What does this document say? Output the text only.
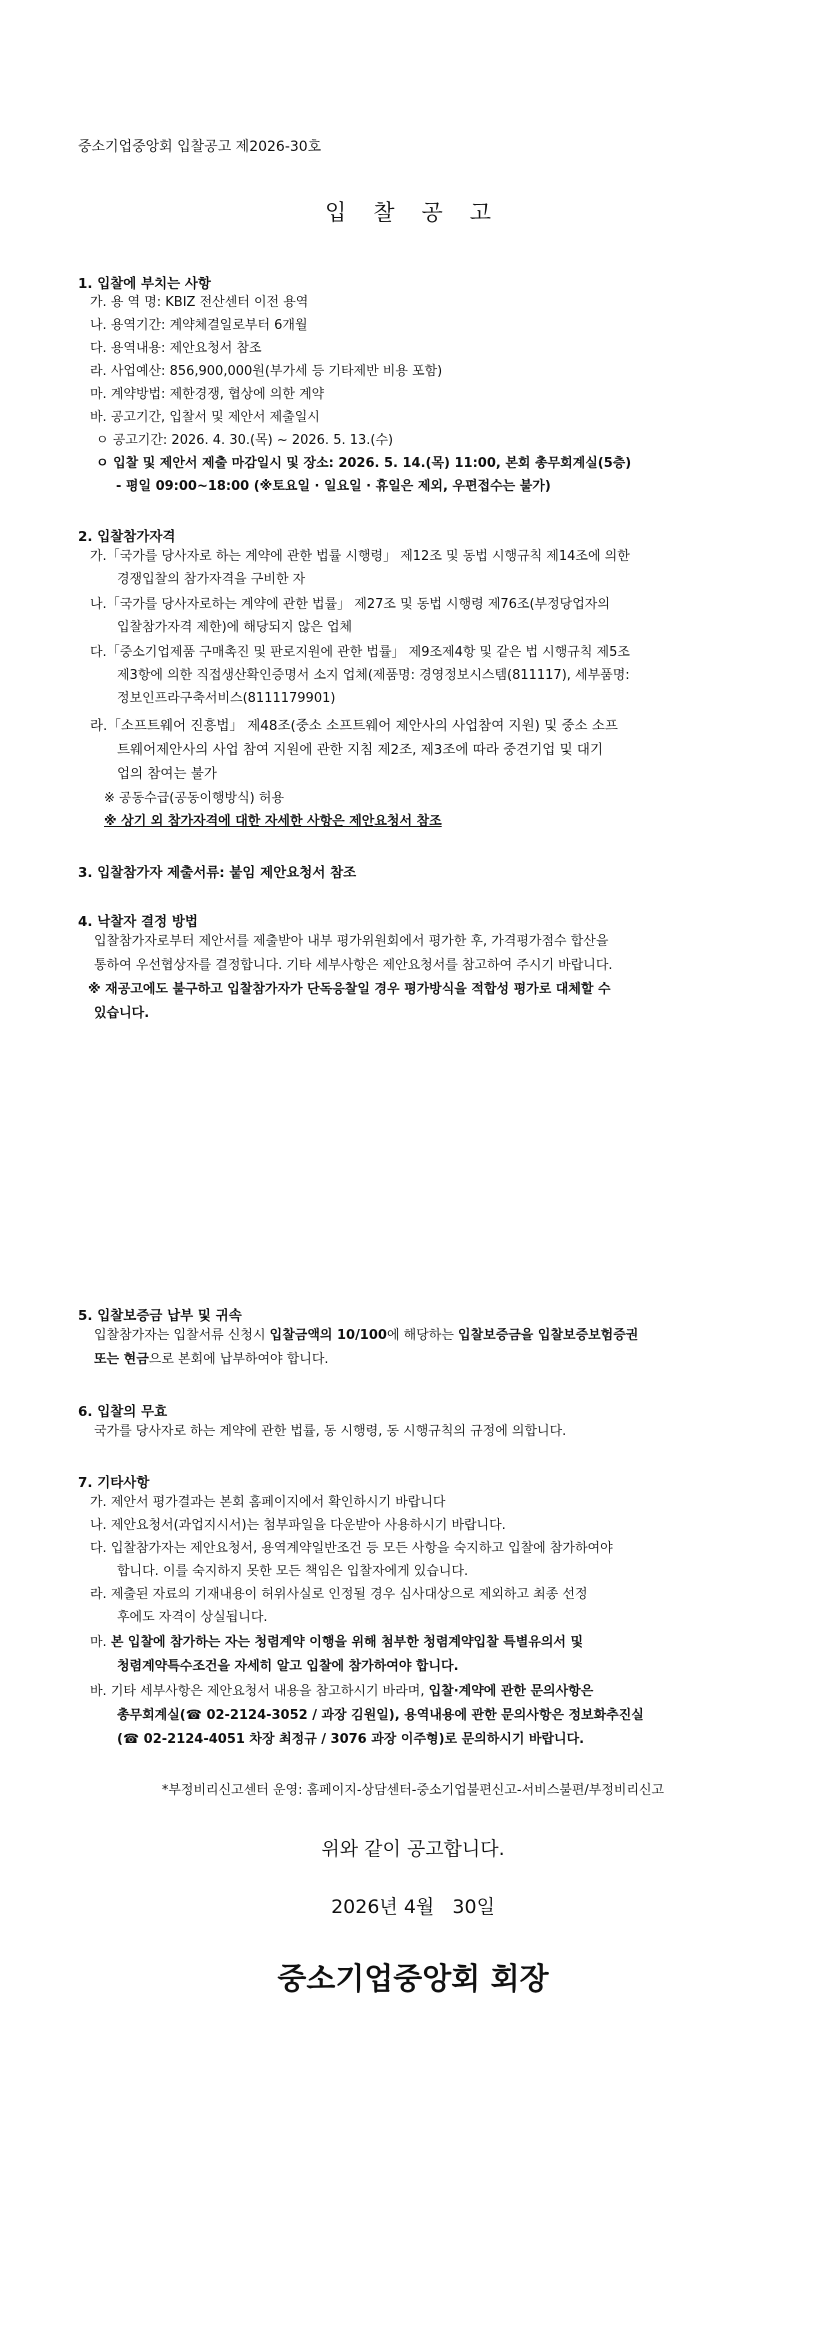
중소기업중앙회 입찰공고 제2026-30호
입 찰 공 고
1. 입찰에 부치는 사항
가. 용 역 명: KBIZ 전산센터 이전 용역
나. 용역기간: 계약체결일로부터 6개월
다. 용역내용: 제안요청서 참조
라. 사업예산: 856,900,000원(부가세 등 기타제반 비용 포함)
마. 계약방법: 제한경쟁, 협상에 의한 계약
바. 공고기간, 입찰서 및 제안서 제출일시
ㅇ 공고기간: 2026. 4. 30.(목) ~ 2026. 5. 13.(수)
ㅇ 입찰 및 제안서 제출 마감일시 및 장소: 2026. 5. 14.(목) 11:00, 본회 총무회계실(5층)
- 평일 09:00~18:00 (※토요일 · 일요일 · 휴일은 제외, 우편접수는 불가)
2. 입찰참가자격
가.「국가를 당사자로 하는 계약에 관한 법률 시행령」 제12조 및 동법 시행규칙 제14조에 의한
경쟁입찰의 참가자격을 구비한 자
나.「국가를 당사자로하는 계약에 관한 법률」 제27조 및 동법 시행령 제76조(부정당업자의
입찰참가자격 제한)에 해당되지 않은 업체
다.「중소기업제품 구매촉진 및 판로지원에 관한 법률」 제9조제4항 및 같은 법 시행규칙 제5조
제3항에 의한 직접생산확인증명서 소지 업체(제품명: 경영정보시스템(811117), 세부품명:
정보인프라구축서비스(8111179901)
라.「소프트웨어 진흥법」 제48조(중소 소프트웨어 제안사의 사업참여 지원) 및 중소 소프
트웨어제안사의 사업 참여 지원에 관한 지침 제2조, 제3조에 따라 중견기업 및 대기
업의 참여는 불가
※ 공동수급(공동이행방식) 허용
※ 상기 외 참가자격에 대한 자세한 사항은 제안요청서 참조
3. 입찰참가자 제출서류: 붙임 제안요청서 참조
4. 낙찰자 결정 방법
입찰참가자로부터 제안서를 제출받아 내부 평가위원회에서 평가한 후, 가격평가점수 합산을
통하여 우선협상자를 결정합니다. 기타 세부사항은 제안요청서를 참고하여 주시기 바랍니다.
※ 재공고에도 불구하고 입찰참가자가 단독응찰일 경우 평가방식을 적합성 평가로 대체할 수
있습니다.
5. 입찰보증금 납부 및 귀속
입찰참가자는 입찰서류 신청시 입찰금액의 10/100에 해당하는 입찰보증금을 입찰보증보험증권
또는 현금으로 본회에 납부하여야 합니다.
6. 입찰의 무효
국가를 당사자로 하는 계약에 관한 법률, 동 시행령, 동 시행규칙의 규정에 의합니다.
7. 기타사항
가. 제안서 평가결과는 본회 홈페이지에서 확인하시기 바랍니다
나. 제안요청서(과업지시서)는 첨부파일을 다운받아 사용하시기 바랍니다.
다. 입찰참가자는 제안요청서, 용역계약일반조건 등 모든 사항을 숙지하고 입찰에 참가하여야
합니다. 이를 숙지하지 못한 모든 책임은 입찰자에게 있습니다.
라. 제출된 자료의 기재내용이 허위사실로 인정될 경우 심사대상으로 제외하고 최종 선정
후에도 자격이 상실됩니다.
마. 본 입찰에 참가하는 자는 청렴계약 이행을 위해 첨부한 청렴계약입찰 특별유의서 및
청렴계약특수조건을 자세히 알고 입찰에 참가하여야 합니다.
바. 기타 세부사항은 제안요청서 내용을 참고하시기 바라며, 입찰·계약에 관한 문의사항은
총무회계실(☎ 02-2124-3052 / 과장 김원일), 용역내용에 관한 문의사항은 정보화추진실
(☎ 02-2124-4051 차장 최정규 / 3076 과장 이주형)로 문의하시기 바랍니다.
*부정비리신고센터 운영: 홈페이지-상담센터-중소기업불편신고-서비스불편/부정비리신고
위와 같이 공고합니다.
2026년 4월   30일
중소기업중앙회 회장
